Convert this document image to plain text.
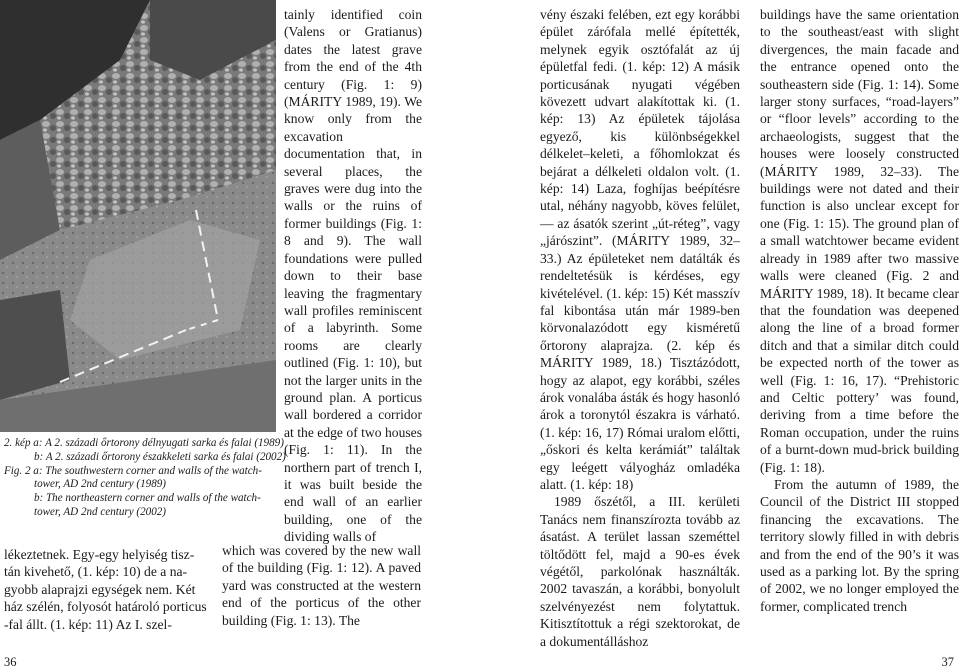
2. kép a: A 2. századi őrtorony délnyugati sarka és falai (1989)
b: A 2. századi őrtorony északkeleti sarka és falai (2002)
Fig. 2 a: The southwestern corner and walls of the watch-
tower, AD 2nd century (1989)
b: The northeastern corner and walls of the watch-
tower, AD 2nd century (2002)
lékeztetnek. Egy-egy helyiség tisz-
tán kivehető, (1. kép: 10) de a na-
gyobb alaprajzi egységek nem. Két
ház szélén, folyosót határoló porticus
-fal állt. (1. kép: 11) Az I. szel-

tainly identified coin (Valens or Gratianus) dates the latest grave from the end of the 4th century (Fig. 1: 9) (MÁRITY 1989, 19). We know only from the excavation documentation that, in several places, the graves were dug into the walls or the ruins of former buildings (Fig. 1: 8 and 9). The wall foundations were pulled down to their base leaving the fragmentary wall profiles reminiscent of a labyrinth. Some rooms are clearly outlined (Fig. 1: 10), but not the larger units in the ground plan. A porticus wall bordered a corridor at the edge of two houses (Fig. 1: 11). In the northern part of trench I, it was built beside the end wall of an earlier building, one of the dividing walls of

which was covered by the new wall of the building (Fig. 1: 12). A paved yard was constructed at the western end of the porticus of the other building (Fig. 1: 13). The

vény északi felében, ezt egy korábbi épület zárófala mellé építették, melynek egyik osztófalát az új épületfal fedi. (1. kép: 12) A másik porticusának nyugati végében kövezett udvart alakítottak ki. (1. kép: 13) Az épületek tájolása egyező, kis különbségekkel délkelet–keleti, a főhomlokzat és bejárat a délkeleti oldalon volt. (1. kép: 14) Laza, foghíjas beépítésre utal, néhány nagyobb, köves felület, — az ásatók szerint „út-réteg”, vagy „járószint”. (MÁRITY 1989, 32–33.) Az épületeket nem datálták és rendeltetésük is kérdéses, egy kivételével. (1. kép: 15) Két masszív fal kibontása után már 1989-ben körvonalazódott egy kisméretű őrtorony alaprajza. (2. kép és MÁRITY 1989, 18.) Tisztázódott, hogy az alapot, egy korábbi, széles árok vonalába ásták és hogy hasonló árok a toronytól északra is várható. (1. kép: 16, 17) Római uralom előtti, „őskori és kelta kerámiát” találtak egy leégett vályogház omladéka alatt. (1. kép: 18)

1989 őszétől, a III. kerületi Tanács nem finanszírozta tovább az ásatást. A terület lassan szeméttel töltődött fel, majd a 90-es évek végétől, parkolónak használták. 2002 tavaszán, a korábbi, bonyolult szelvényezést nem folytattuk. Kitisztítottuk a régi szektorokat, de a dokumentálláshoz

buildings have the same orientation to the southeast/east with slight divergences, the main facade and the entrance opened onto the southeastern side (Fig. 1: 14). Some larger stony surfaces, “road-layers” or “floor levels” according to the archaeologists, suggest that the houses were loosely constructed (MÁRITY 1989, 32–33). The buildings were not dated and their function is also unclear except for one (Fig. 1: 15). The ground plan of a small watchtower became evident already in 1989 after two massive walls were cleaned (Fig. 2 and MÁRITY 1989, 18). It became clear that the foundation was deepened along the line of a broad former ditch and that a similar ditch could be expected north of the tower as well (Fig. 1: 16, 17). “Prehistoric and Celtic pottery’ was found, deriving from a time before the Roman occupation, under the ruins of a burnt-down mud-brick building (Fig. 1: 18).

From the autumn of 1989, the Council of the District III stopped financing the excavations. The territory slowly filled in with debris and from the end of the 90’s it was used as a parking lot. By the spring of 2002, we no longer employed the former, complicated trench

36	37
